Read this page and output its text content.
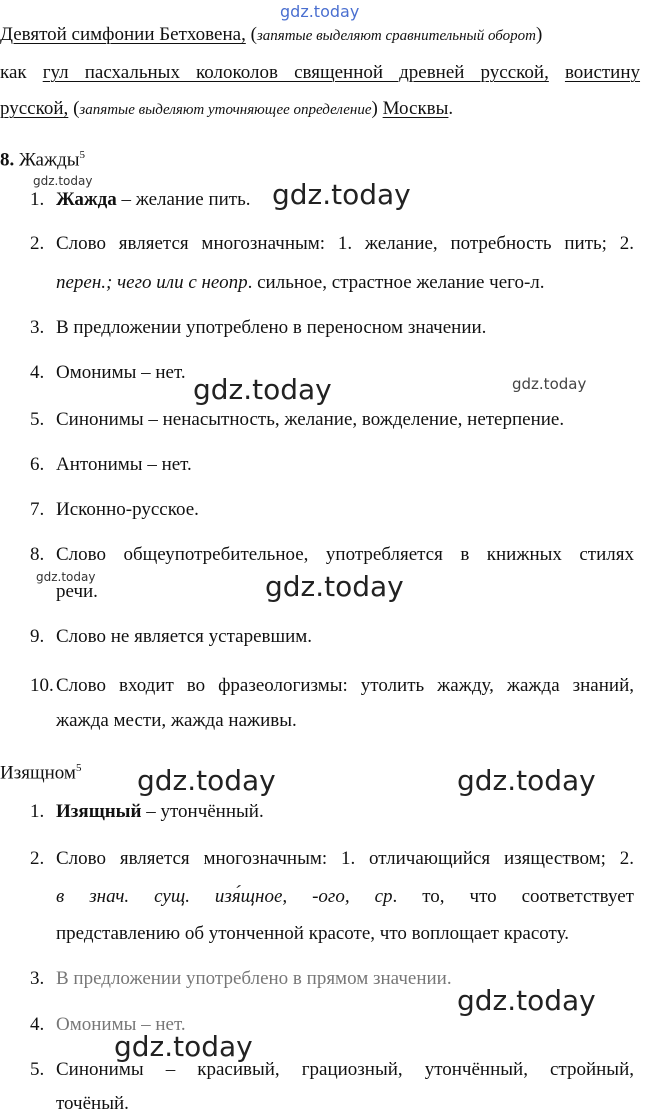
gdz.today
gdz.today	gdz.today
gdz.today	gdz.today
gdz.today	gdz.today
gdz.today	gdz.today
gdz.today
gdz.today
Девятой симфонии Бетховена, (запятые выделяют сравнительный оборот)
как гул пасхальных колоколов священной древней русской, воистину
русской, (запятые выделяют уточняющее определение) Москвы.
8. Жажды$^5$
1. Жажда – желание пить.
2. Слово является многозначным: 1. желание, потребность пить; 2.
перен.; чего или с неопр. сильное, страстное желание чего-л.
3. В предложении употреблено в переносном значении.
4. Омонимы – нет.
5. Синонимы – ненасытность, желание, вожделение, нетерпение.
6. Антонимы – нет.
7. Исконно-русское.
8. Слово общеупотребительное, употребляется в книжных стилях
речи.
9. Слово не является устаревшим.
10. Слово входит во фразеологизмы: утолить жажду, жажда знаний,
жажда мести, жажда наживы.
Изящном$^5$
1. Изящный – утончённый.
2. Слово является многозначным: 1. отличающийся изяществом; 2.
в знач. сущ. изя́щное, -ого, ср. то, что соответствует
представлению об утонченной красоте, что воплощает красоту.
3. В предложении употреблено в прямом значении.
4. Омонимы – нет.
5. Синонимы – красивый, грациозный, утончённый, стройный,
точёный.
